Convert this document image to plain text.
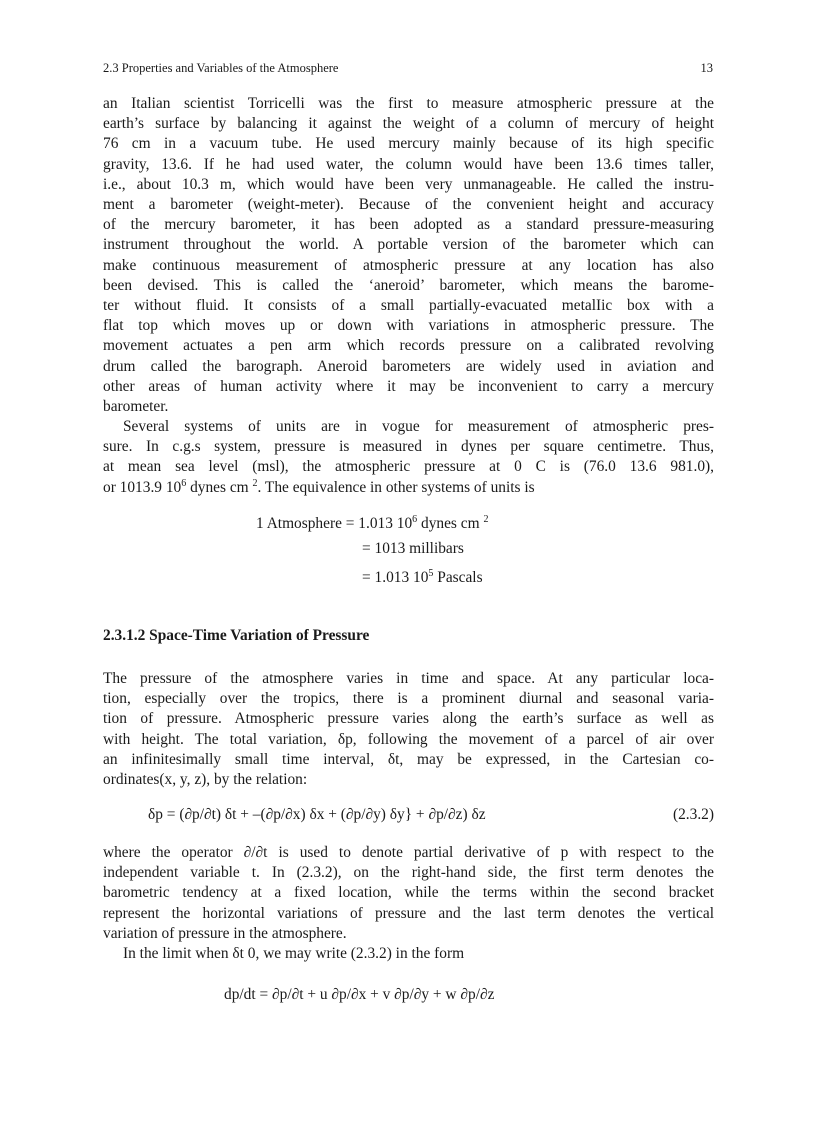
2.3 Properties and Variables of the Atmosphere	13
an Italian scientist Torricelli was the first to measure atmospheric pressure at the
earth’s surface by balancing it against the weight of a column of mercury of height
76 cm in a vacuum tube. He used mercury mainly because of its high specific
gravity, 13.6. If he had used water, the column would have been 13.6 times taller,
i.e., about 10.3 m, which would have been very unmanageable. He called the instru-
ment a barometer (weight-meter). Because of the convenient height and accuracy
of the mercury barometer, it has been adopted as a standard pressure-measuring
instrument throughout the world. A portable version of the barometer which can
make continuous measurement of atmospheric pressure at any location has also
been devised. This is called the ‘aneroid’ barometer, which means the barome-
ter without fluid. It consists of a small partially-evacuated metalIic box with a
flat top which moves up or down with variations in atmospheric pressure. The
movement actuates a pen arm which records pressure on a calibrated revolving
drum called the barograph. Aneroid barometers are widely used in aviation and
other areas of human activity where it may be inconvenient to carry a mercury
barometer.
Several systems of units are in vogue for measurement of atmospheric pres-
sure. In c.g.s system, pressure is measured in dynes per square centimetre. Thus,
at mean sea level (msl), the atmospheric pressure at 0 C is (76.0 13.6 981.0),
or 1013.9 $10^6$ dynes cm $^2$. The equivalence in other systems of units is
1 Atmosphere = 1.013 $10^6$ dynes cm $^2$
= 1013 millibars
= 1.013 $10^5$ Pascals
2.3.1.2 Space-Time Variation of Pressure
The pressure of the atmosphere varies in time and space. At any particular loca-
tion, especially over the tropics, there is a prominent diurnal and seasonal varia-
tion of pressure. Atmospheric pressure varies along the earth’s surface as well as
with height. The total variation, δp, following the movement of a parcel of air over
an infinitesimally small time interval, δt, may be expressed, in the Cartesian co-
ordinates(x, y, z), by the relation:
δp = (∂p/∂t) δt + –(∂p/∂x) δx + (∂p/∂y) δy} + ∂p/∂z) δz	(2.3.2)
where the operator ∂/∂t is used to denote partial derivative of p with respect to the
independent variable t. In (2.3.2), on the right-hand side, the first term denotes the
barometric tendency at a fixed location, while the terms within the second bracket
represent the horizontal variations of pressure and the last term denotes the vertical
variation of pressure in the atmosphere.
In the limit when δt 0, we may write (2.3.2) in the form
dp/dt = ∂p/∂t + u ∂p/∂x + v ∂p/∂y + w ∂p/∂z
